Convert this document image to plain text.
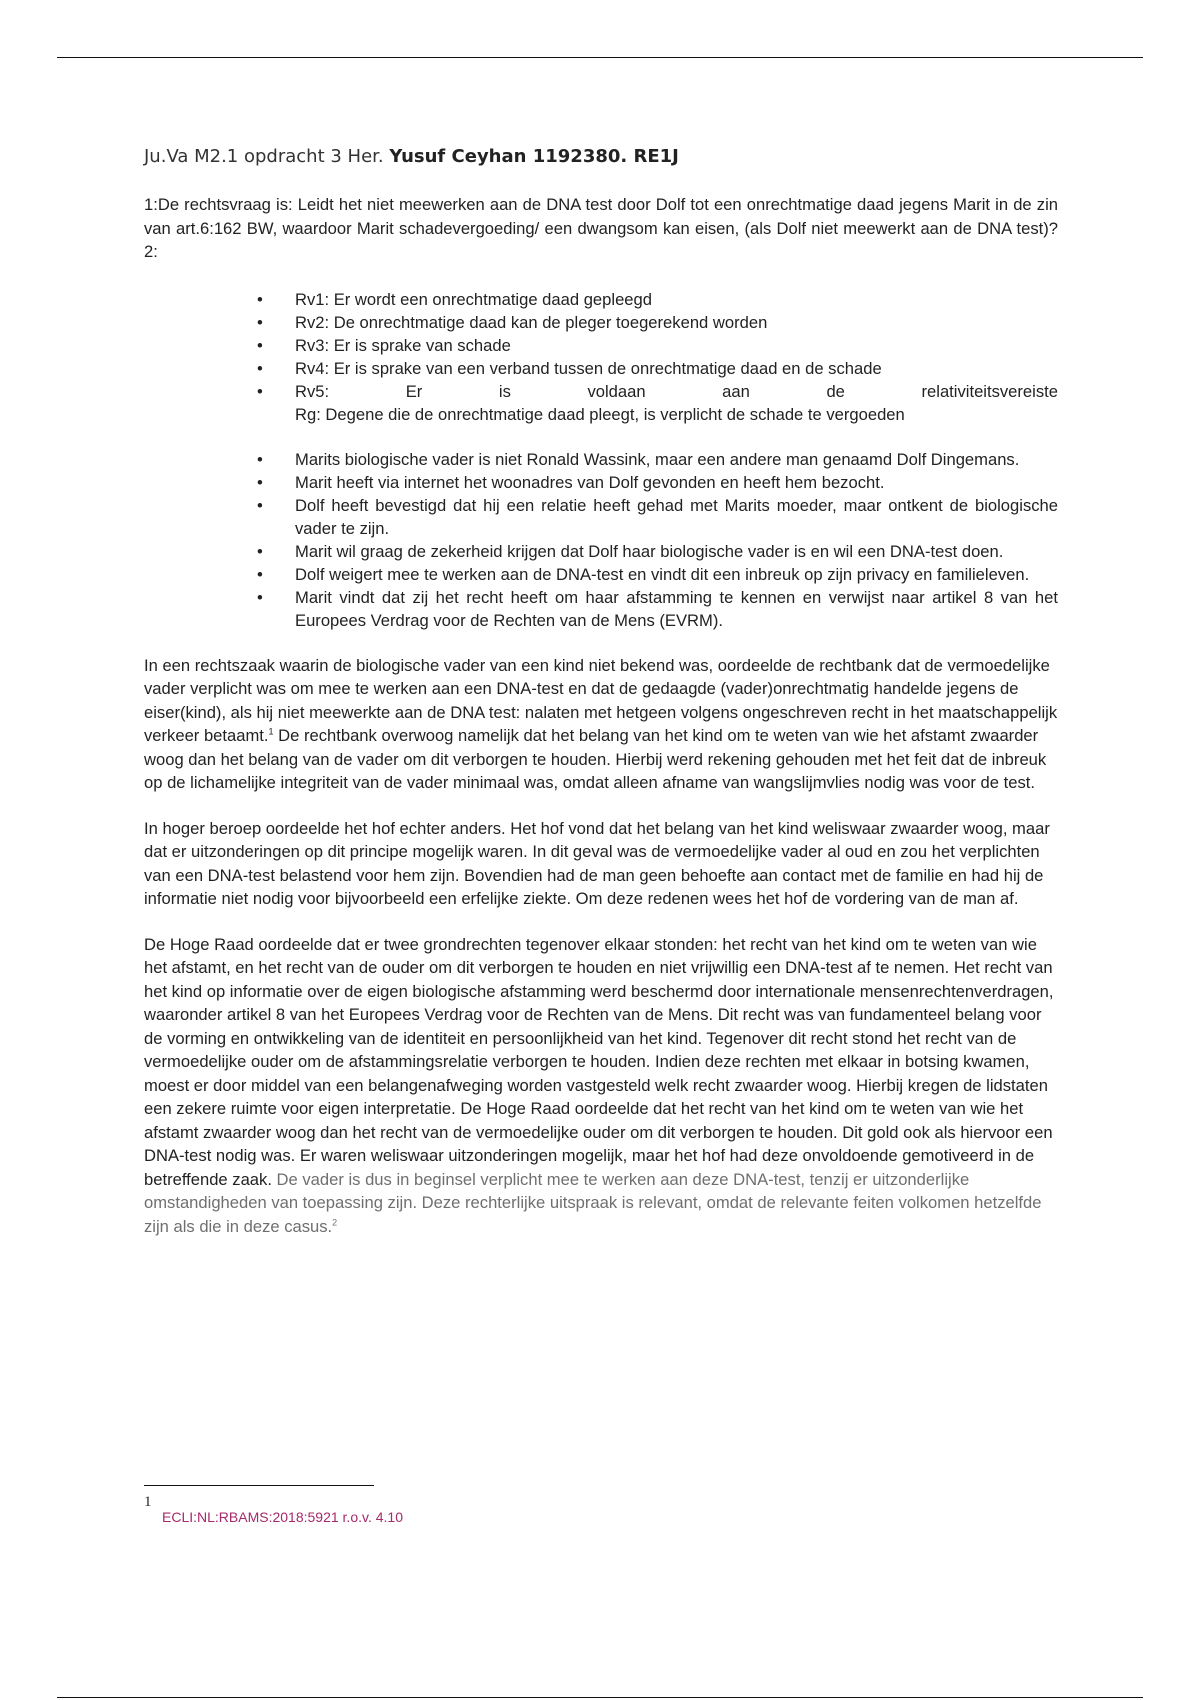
Ju.Va M2.1 opdracht 3 Her. Yusuf Ceyhan 1192380. RE1J

1:De rechtsvraag is: Leidt het niet meewerken aan de DNA test door Dolf tot een onrechtmatige daad jegens Marit in de zin van art.6:162 BW, waardoor Marit schadevergoeding/ een dwangsom kan eisen, (als Dolf niet meewerkt aan de DNA test)? 2:

• Rv1: Er wordt een onrechtmatige daad gepleegd
• Rv2: De onrechtmatige daad kan de pleger toegerekend worden
• Rv3: Er is sprake van schade
• Rv4: Er is sprake van een verband tussen de onrechtmatige daad en de schade
• Rv5: Er is voldaan aan de relativiteitsvereiste
Rg: Degene die de onrechtmatige daad pleegt, is verplicht de schade te vergoeden
• Marits biologische vader is niet Ronald Wassink, maar een andere man genaamd Dolf Dingemans.
• Marit heeft via internet het woonadres van Dolf gevonden en heeft hem bezocht.
• Dolf heeft bevestigd dat hij een relatie heeft gehad met Marits moeder, maar ontkent de biologische vader te zijn.
• Marit wil graag de zekerheid krijgen dat Dolf haar biologische vader is en wil een DNA-test doen.
• Dolf weigert mee te werken aan de DNA-test en vindt dit een inbreuk op zijn privacy en familieleven.
• Marit vindt dat zij het recht heeft om haar afstamming te kennen en verwijst naar artikel 8 van het Europees Verdrag voor de Rechten van de Mens (EVRM).

In een rechtszaak waarin de biologische vader van een kind niet bekend was, oordeelde de rechtbank dat de vermoedelijke vader verplicht was om mee te werken aan een DNA-test en dat de gedaagde (vader)onrechtmatig handelde jegens de eiser(kind), als hij niet meewerkte aan de DNA test: nalaten met hetgeen volgens ongeschreven recht in het maatschappelijk verkeer betaamt.$^1$ De rechtbank overwoog namelijk dat het belang van het kind om te weten van wie het afstamt zwaarder woog dan het belang van de vader om dit verborgen te houden. Hierbij werd rekening gehouden met het feit dat de inbreuk op de lichamelijke integriteit van de vader minimaal was, omdat alleen afname van wangslijmvlies nodig was voor de test.

In hoger beroep oordeelde het hof echter anders. Het hof vond dat het belang van het kind weliswaar zwaarder woog, maar dat er uitzonderingen op dit principe mogelijk waren. In dit geval was de vermoedelijke vader al oud en zou het verplichten van een DNA-test belastend voor hem zijn. Bovendien had de man geen behoefte aan contact met de familie en had hij de informatie niet nodig voor bijvoorbeeld een erfelijke ziekte. Om deze redenen wees het hof de vordering van de man af.

De Hoge Raad oordeelde dat er twee grondrechten tegenover elkaar stonden: het recht van het kind om te weten van wie het afstamt, en het recht van de ouder om dit verborgen te houden en niet vrijwillig een DNA-test af te nemen. Het recht van het kind op informatie over de eigen biologische afstamming werd beschermd door internationale mensenrechtenverdragen, waaronder artikel 8 van het Europees Verdrag voor de Rechten van de Mens. Dit recht was van fundamenteel belang voor de vorming en ontwikkeling van de identiteit en persoonlijkheid van het kind. Tegenover dit recht stond het recht van de vermoedelijke ouder om de afstammingsrelatie verborgen te houden. Indien deze rechten met elkaar in botsing kwamen, moest er door middel van een belangenafweging worden vastgesteld welk recht zwaarder woog. Hierbij kregen de lidstaten een zekere ruimte voor eigen interpretatie. De Hoge Raad oordeelde dat het recht van het kind om te weten van wie het afstamt zwaarder woog dan het recht van de vermoedelijke ouder om dit verborgen te houden. Dit gold ook als hiervoor een DNA-test nodig was. Er waren weliswaar uitzonderingen mogelijk, maar het hof had deze onvoldoende gemotiveerd in de betreffende zaak. De vader is dus in beginsel verplicht mee te werken aan deze DNA-test, tenzij er uitzonderlijke omstandigheden van toepassing zijn. Deze rechterlijke uitspraak is relevant, omdat de relevante feiten volkomen hetzelfde zijn als die in deze casus.$^2$

1
ECLI:NL:RBAMS:2018:5921 r.o.v. 4.10
